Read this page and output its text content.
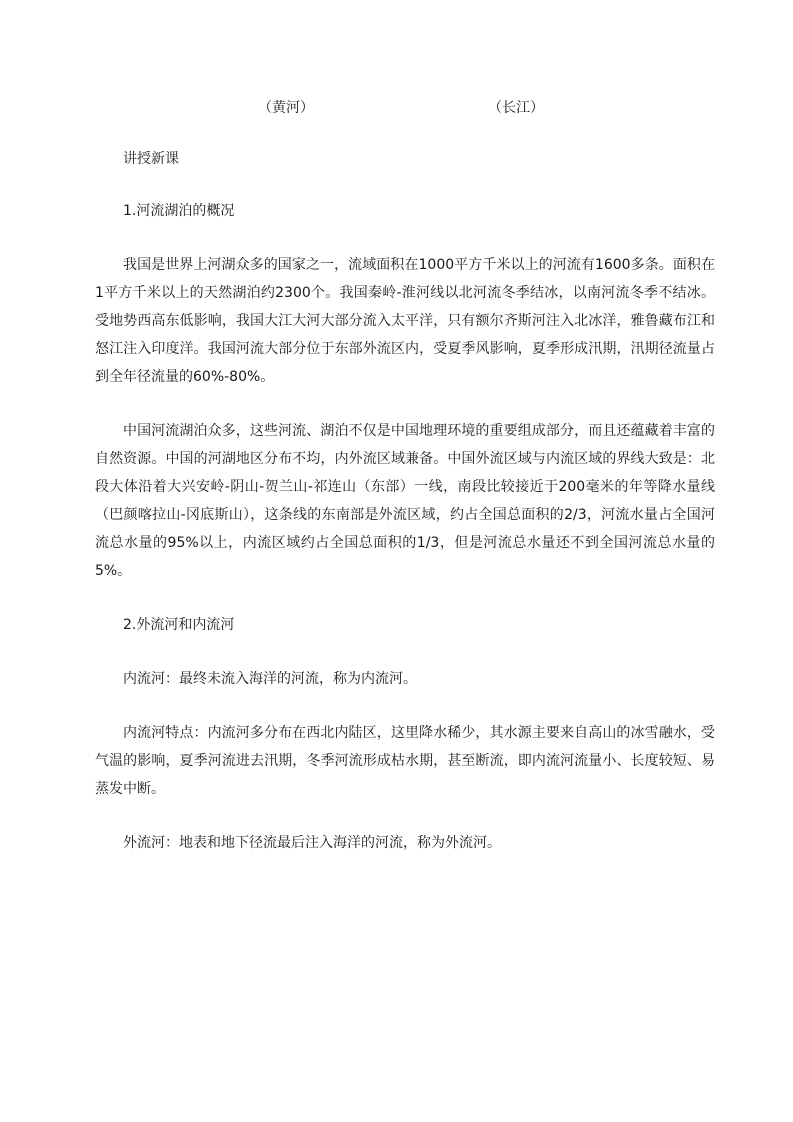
（黄河）	（长江）

讲授新课

1.河流湖泊的概况

我国是世界上河湖众多的国家之一，流域面积在1000平方千米以上的河流有1600多条。面积在1平方千米以上的天然湖泊约2300个。我国秦岭-淮河线以北河流冬季结冰，以南河流冬季不结冰。受地势西高东低影响，我国大江大河大部分流入太平洋，只有额尔齐斯河注入北冰洋，雅鲁藏布江和怒江注入印度洋。我国河流大部分位于东部外流区内，受夏季风影响，夏季形成汛期，汛期径流量占到全年径流量的60%-80%。

中国河流湖泊众多，这些河流、湖泊不仅是中国地理环境的重要组成部分，而且还蕴藏着丰富的自然资源。中国的河湖地区分布不均，内外流区域兼备。中国外流区域与内流区域的界线大致是：北段大体沿着大兴安岭-阴山-贺兰山-祁连山（东部）一线，南段比较接近于200毫米的年等降水量线（巴颜喀拉山-冈底斯山），这条线的东南部是外流区域，约占全国总面积的2/3，河流水量占全国河流总水量的95%以上，内流区域约占全国总面积的1/3，但是河流总水量还不到全国河流总水量的5%。

2.外流河和内流河

内流河：最终未流入海洋的河流，称为内流河。

内流河特点：内流河多分布在西北内陆区，这里降水稀少，其水源主要来自高山的冰雪融水，受气温的影响，夏季河流进去汛期，冬季河流形成枯水期，甚至断流，即内流河流量小、长度较短、易蒸发中断。

外流河：地表和地下径流最后注入海洋的河流，称为外流河。
